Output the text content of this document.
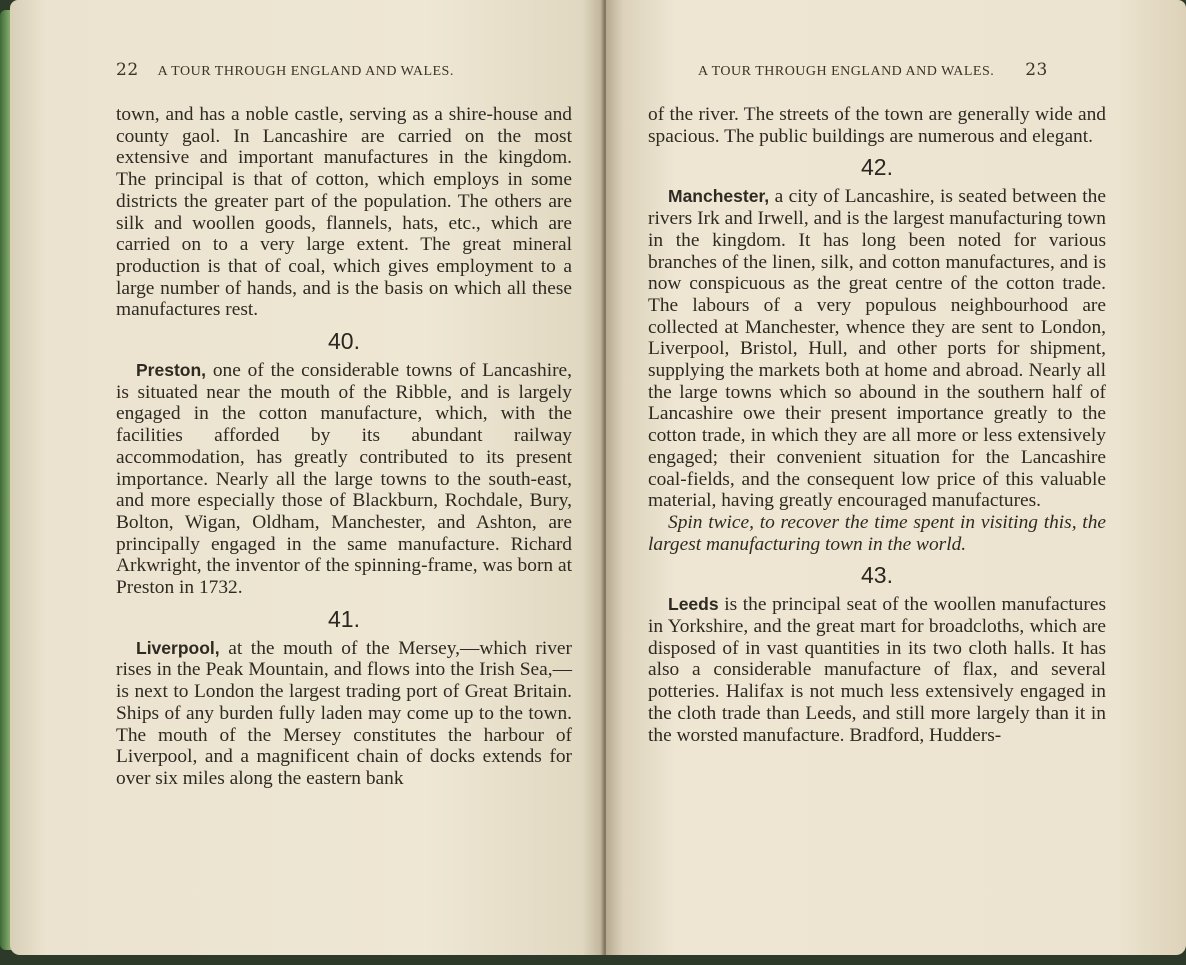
22 A TOUR THROUGH ENGLAND AND WALES.

town, and has a noble castle, serving as a shire-house and county gaol. In Lancashire are carried on the most extensive and important manufactures in the kingdom. The principal is that of cotton, which employs in some districts the greater part of the population. The others are silk and woollen goods, flannels, hats, etc., which are carried on to a very large extent. The great mineral production is that of coal, which gives employment to a large number of hands, and is the basis on which all these manufactures rest.

40.

Preston, one of the considerable towns of Lancashire, is situated near the mouth of the Ribble, and is largely engaged in the cotton manufacture, which, with the facilities afforded by its abundant railway accommodation, has greatly contributed to its present importance. Nearly all the large towns to the south-east, and more especially those of Blackburn, Rochdale, Bury, Bolton, Wigan, Oldham, Manchester, and Ashton, are principally engaged in the same manufacture. Richard Arkwright, the inventor of the spinning-frame, was born at Preston in 1732.

41.

Liverpool, at the mouth of the Mersey,—which river rises in the Peak Mountain, and flows into the Irish Sea,—is next to London the largest trading port of Great Britain. Ships of any burden fully laden may come up to the town. The mouth of the Mersey constitutes the harbour of Liverpool, and a magnificent chain of docks extends for over six miles along the eastern bank

A TOUR THROUGH ENGLAND AND WALES. 23

of the river. The streets of the town are generally wide and spacious. The public buildings are numerous and elegant.

42.

Manchester, a city of Lancashire, is seated between the rivers Irk and Irwell, and is the largest manufacturing town in the kingdom. It has long been noted for various branches of the linen, silk, and cotton manufactures, and is now conspicuous as the great centre of the cotton trade. The labours of a very populous neighbourhood are collected at Manchester, whence they are sent to London, Liverpool, Bristol, Hull, and other ports for shipment, supplying the markets both at home and abroad. Nearly all the large towns which so abound in the southern half of Lancashire owe their present importance greatly to the cotton trade, in which they are all more or less extensively engaged; their convenient situation for the Lancashire coal-fields, and the consequent low price of this valuable material, having greatly encouraged manufactures.

Spin twice, to recover the time spent in visiting this, the largest manufacturing town in the world.

43.

Leeds is the principal seat of the woollen manufactures in Yorkshire, and the great mart for broadcloths, which are disposed of in vast quantities in its two cloth halls. It has also a considerable manufacture of flax, and several potteries. Halifax is not much less extensively engaged in the cloth trade than Leeds, and still more largely than it in the worsted manufacture. Bradford, Hudders-
